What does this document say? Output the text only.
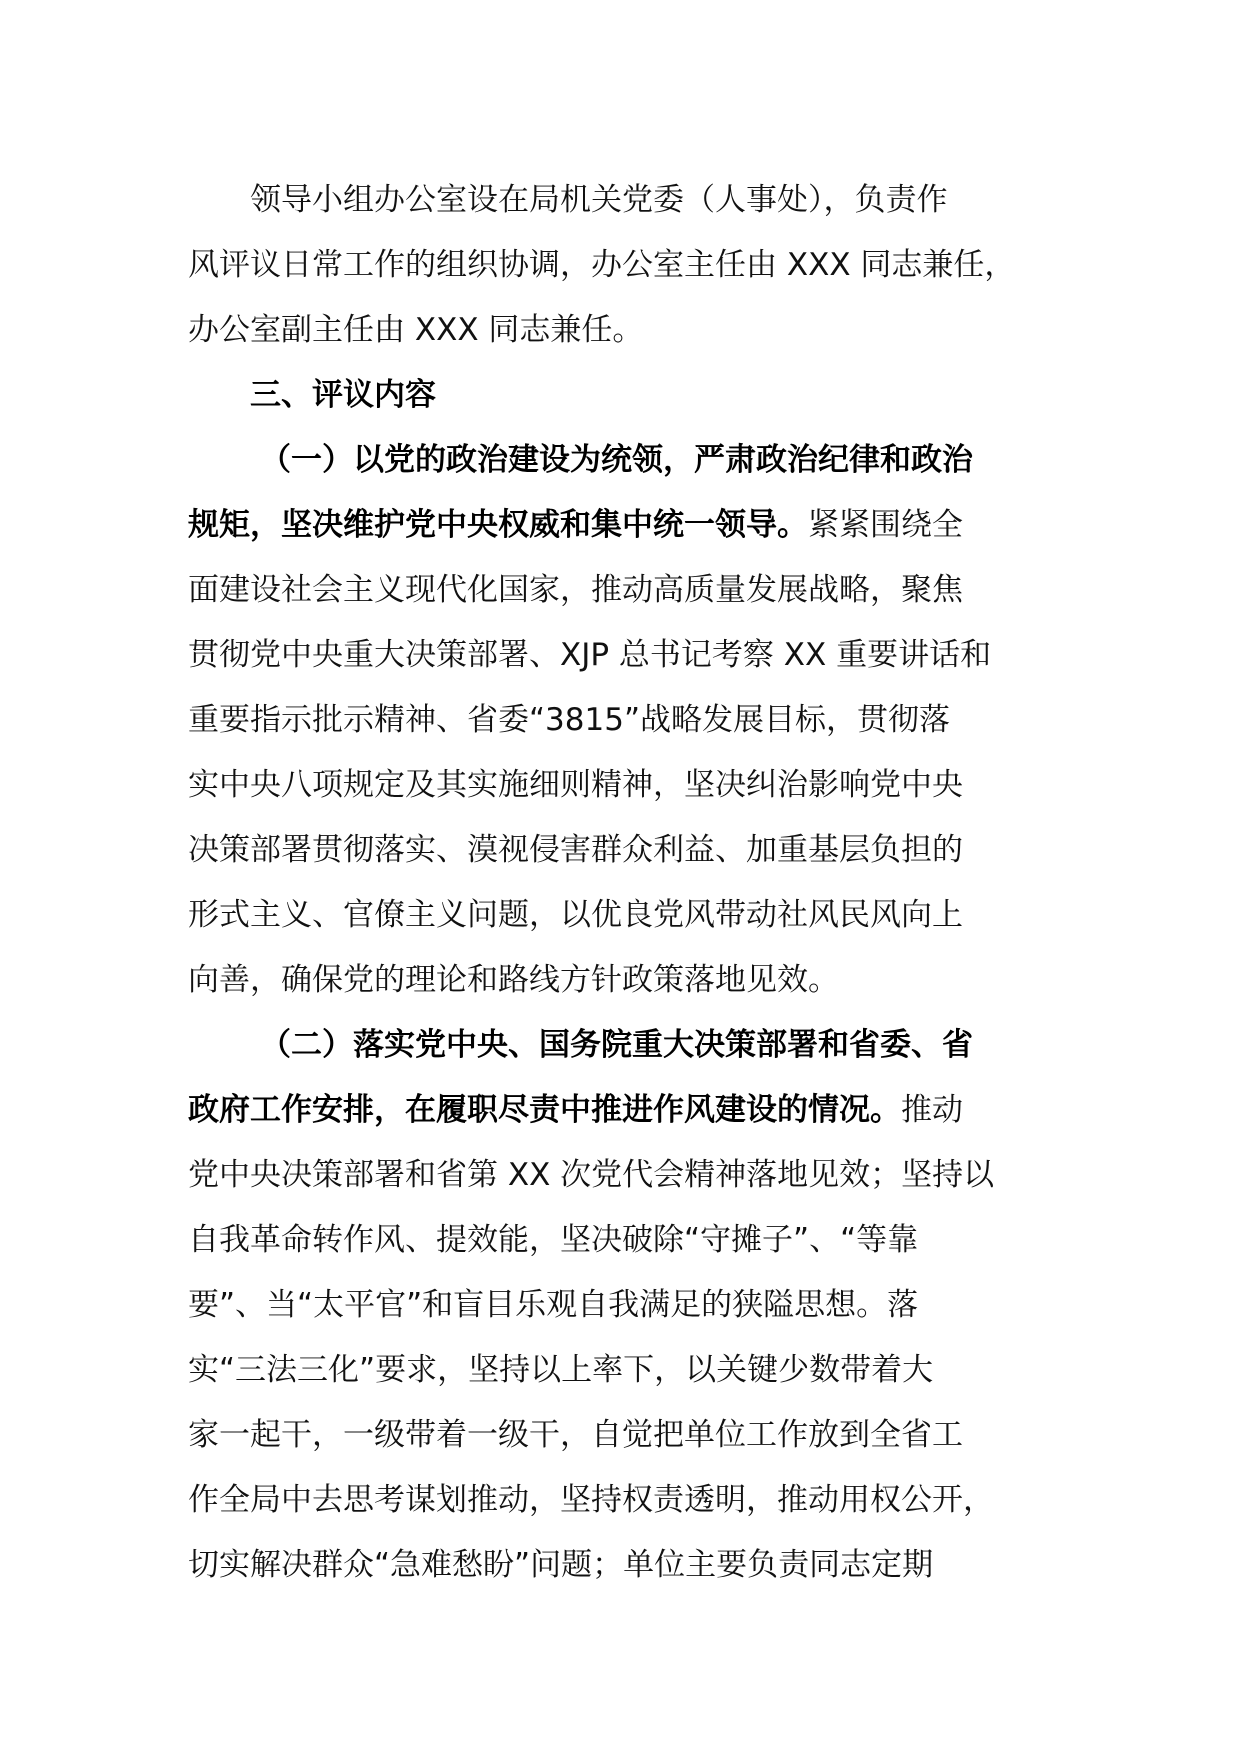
领导小组办公室设在局机关党委（人事处），负责作
风评议日常工作的组织协调，办公室主任由 XXX 同志兼任，
办公室副主任由 XXX 同志兼任。
三、评议内容
（一）以党的政治建设为统领，严肃政治纪律和政治
规矩，坚决维护党中央权威和集中统一领导。紧紧围绕全
面建设社会主义现代化国家，推动高质量发展战略，聚焦
贯彻党中央重大决策部署、XJP 总书记考察 XX 重要讲话和
重要指示批示精神、省委“3815”战略发展目标，贯彻落
实中央八项规定及其实施细则精神，坚决纠治影响党中央
决策部署贯彻落实、漠视侵害群众利益、加重基层负担的
形式主义、官僚主义问题，以优良党风带动社风民风向上
向善，确保党的理论和路线方针政策落地见效。
（二）落实党中央、国务院重大决策部署和省委、省
政府工作安排，在履职尽责中推进作风建设的情况。推动
党中央决策部署和省第 XX 次党代会精神落地见效；坚持以
自我革命转作风、提效能，坚决破除“守摊子”、“等靠
要”、当“太平官”和盲目乐观自我满足的狭隘思想。落
实“三法三化”要求，坚持以上率下，以关键少数带着大
家一起干，一级带着一级干，自觉把单位工作放到全省工
作全局中去思考谋划推动，坚持权责透明，推动用权公开，
切实解决群众“急难愁盼”问题；单位主要负责同志定期
